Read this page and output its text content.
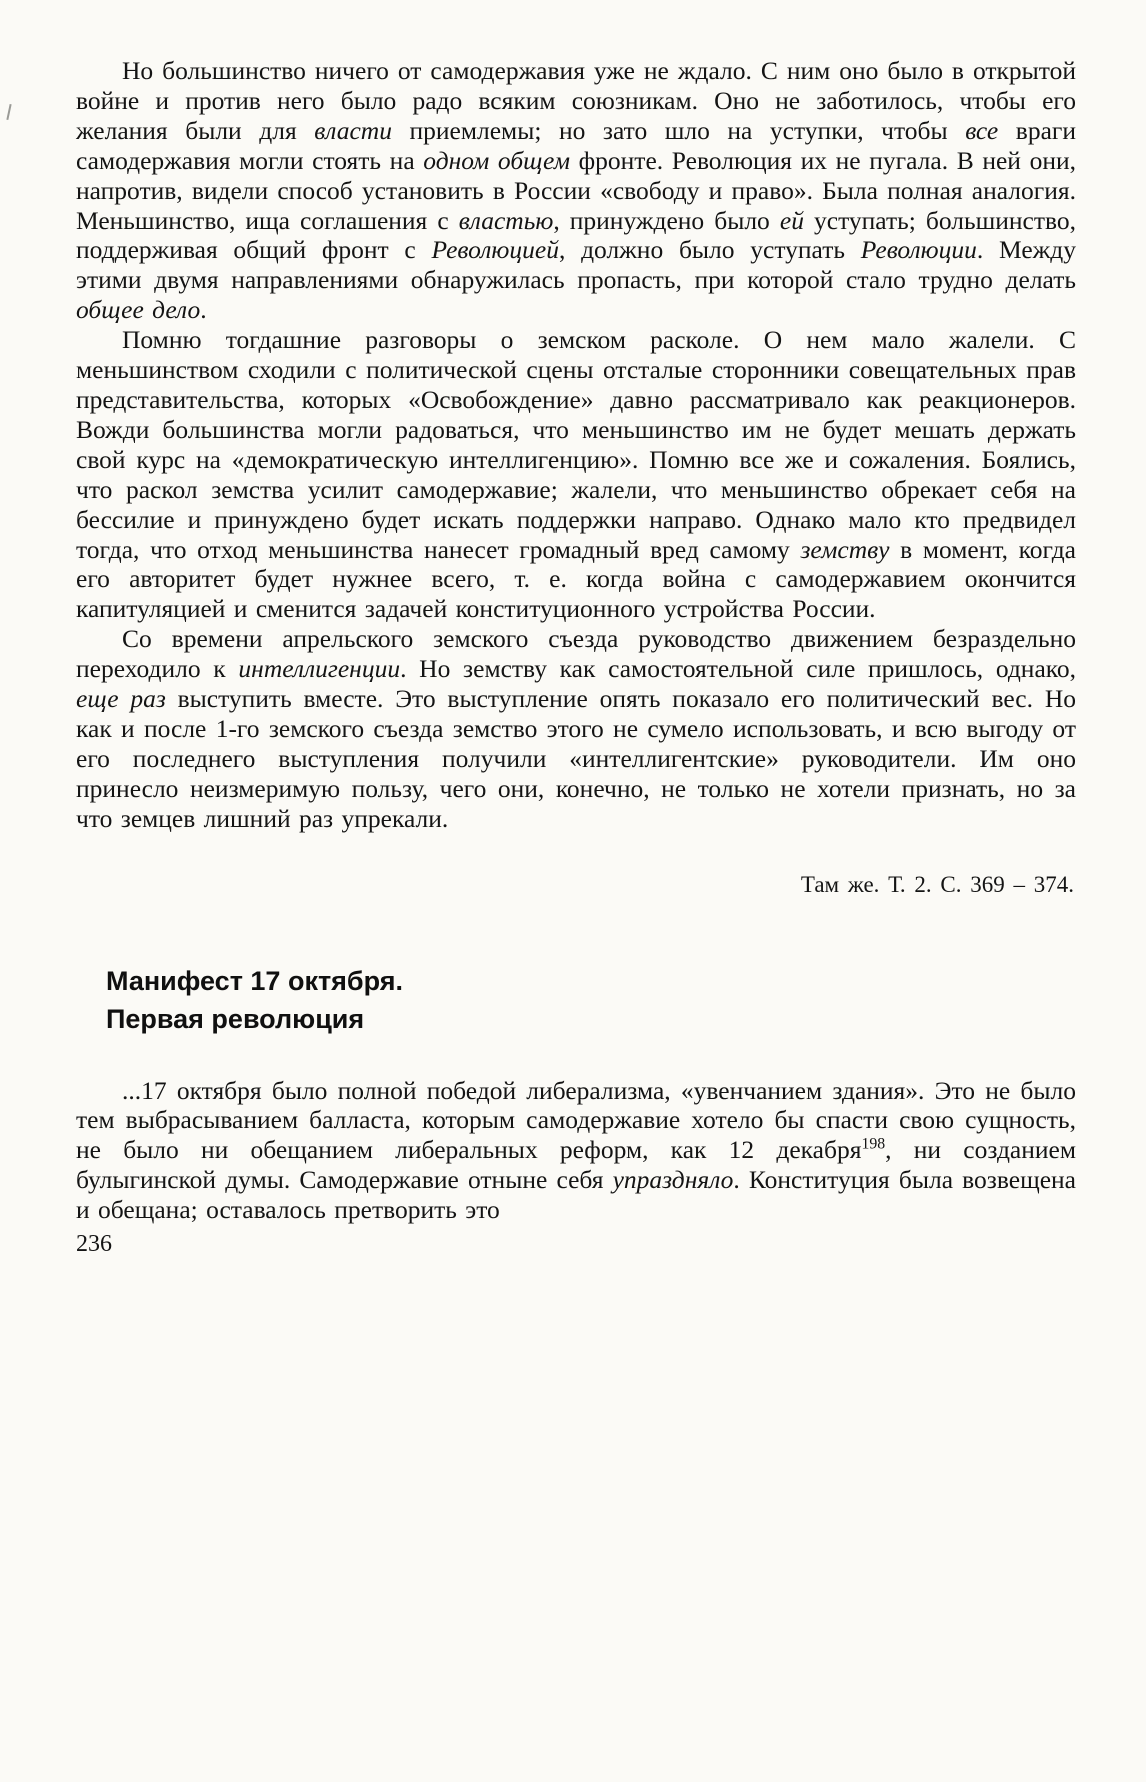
Но большинство ничего от самодержавия уже не ждало. С ним оно было в открытой войне и против него было радо всяким союзникам. Оно не заботилось, чтобы его желания были для власти приемлемы; но зато шло на уступки, чтобы все враги самодержавия могли стоять на одном общем фронте. Революция их не пугала. В ней они, напротив, видели способ установить в России «свободу и право». Была полная аналогия. Меньшинство, ища соглашения с властью, принуждено было ей уступать; большинство, поддерживая общий фронт с Революцией, должно было уступать Революции. Между этими двумя направлениями обнаружилась пропасть, при которой стало трудно делать общее дело.

Помню тогдашние разговоры о земском расколе. О нем мало жалели. С меньшинством сходили с политической сцены отсталые сторонники совещательных прав представительства, которых «Освобождение» давно рассматривало как реакционеров. Вожди большинства могли радоваться, что меньшинство им не будет мешать держать свой курс на «демократическую интеллигенцию». Помню все же и сожаления. Боялись, что раскол земства усилит самодержавие; жалели, что меньшинство обрекает себя на бессилие и принуждено будет искать поддержки направо. Однако мало кто предвидел тогда, что отход меньшинства нанесет громадный вред самому земству в момент, когда его авторитет будет нужнее всего, т. е. когда война с самодержавием окончится капитуляцией и сменится задачей конституционного устройства России.

Со времени апрельского земского съезда руководство движением безраздельно переходило к интеллигенции. Но земству как самостоятельной силе пришлось, однако, еще раз выступить вместе. Это выступление опять показало его политический вес. Но как и после 1-го земского съезда земство этого не сумело использовать, и всю выгоду от его последнего выступления получили «интеллигентские» руководители. Им оно принесло неизмеримую пользу, чего они, конечно, не только не хотели признать, но за что земцев лишний раз упрекали.

Там же. Т. 2. С. 369 – 374.

Манифест 17 октября.
Первая революция

...17 октября было полной победой либерализма, «увенчанием здания». Это не было тем выбрасыванием балласта, которым самодержавие хотело бы спасти свою сущность, не было ни обещанием либеральных реформ, как 12 декабря$^{198}$, ни созданием булыгинской думы. Самодержавие отныне себя упраздняло. Конституция была возвещена и обещана; оставалось претворить это

236
